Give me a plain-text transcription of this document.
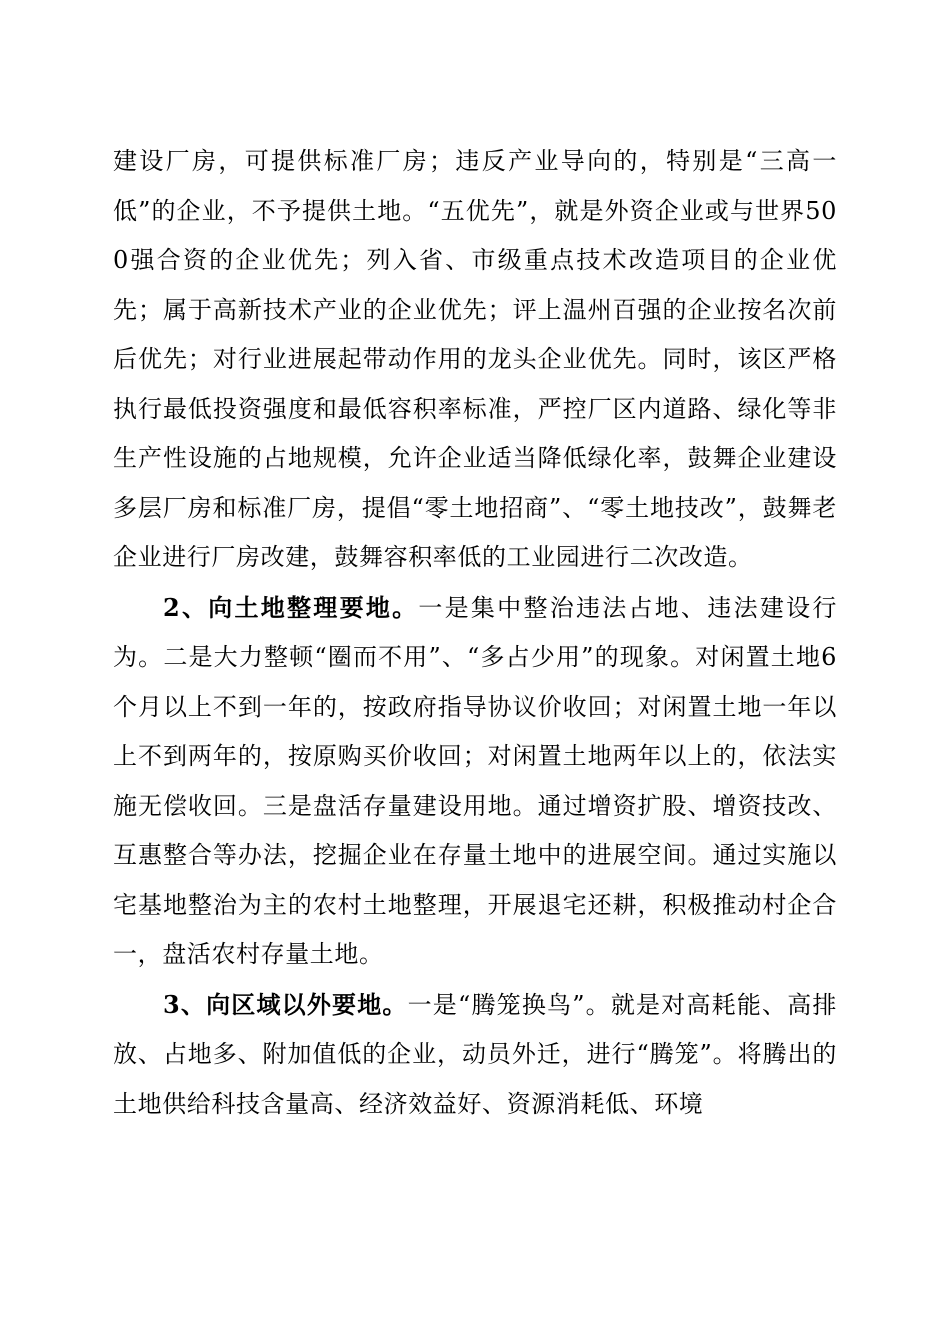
建设厂房，可提供标准厂房；违反产业导向的，特别是“三高一低”的企业，不予提供土地。“五优先”，就是外资企业或与世界500强合资的企业优先；列入省、市级重点技术改造项目的企业优先；属于高新技术产业的企业优先；评上温州百强的企业按名次前后优先；对行业进展起带动作用的龙头企业优先。同时，该区严格执行最低投资强度和最低容积率标准，严控厂区内道路、绿化等非生产性设施的占地规模，允许企业适当降低绿化率，鼓舞企业建设多层厂房和标准厂房，提倡“零土地招商”、“零土地技改”，鼓舞老企业进行厂房改建，鼓舞容积率低的工业园进行二次改造。

2、向土地整理要地。一是集中整治违法占地、违法建设行为。二是大力整顿“圈而不用”、“多占少用”的现象。对闲置土地6个月以上不到一年的，按政府指导协议价收回；对闲置土地一年以上不到两年的，按原购买价收回；对闲置土地两年以上的，依法实施无偿收回。三是盘活存量建设用地。通过增资扩股、增资技改、互惠整合等办法，挖掘企业在存量土地中的进展空间。通过实施以宅基地整治为主的农村土地整理，开展退宅还耕，积极推动村企合一，盘活农村存量土地。

3、向区域以外要地。一是“腾笼换鸟”。就是对高耗能、高排放、占地多、附加值低的企业，动员外迁，进行“腾笼”。将腾出的土地供给科技含量高、经济效益好、资源消耗低、环境
